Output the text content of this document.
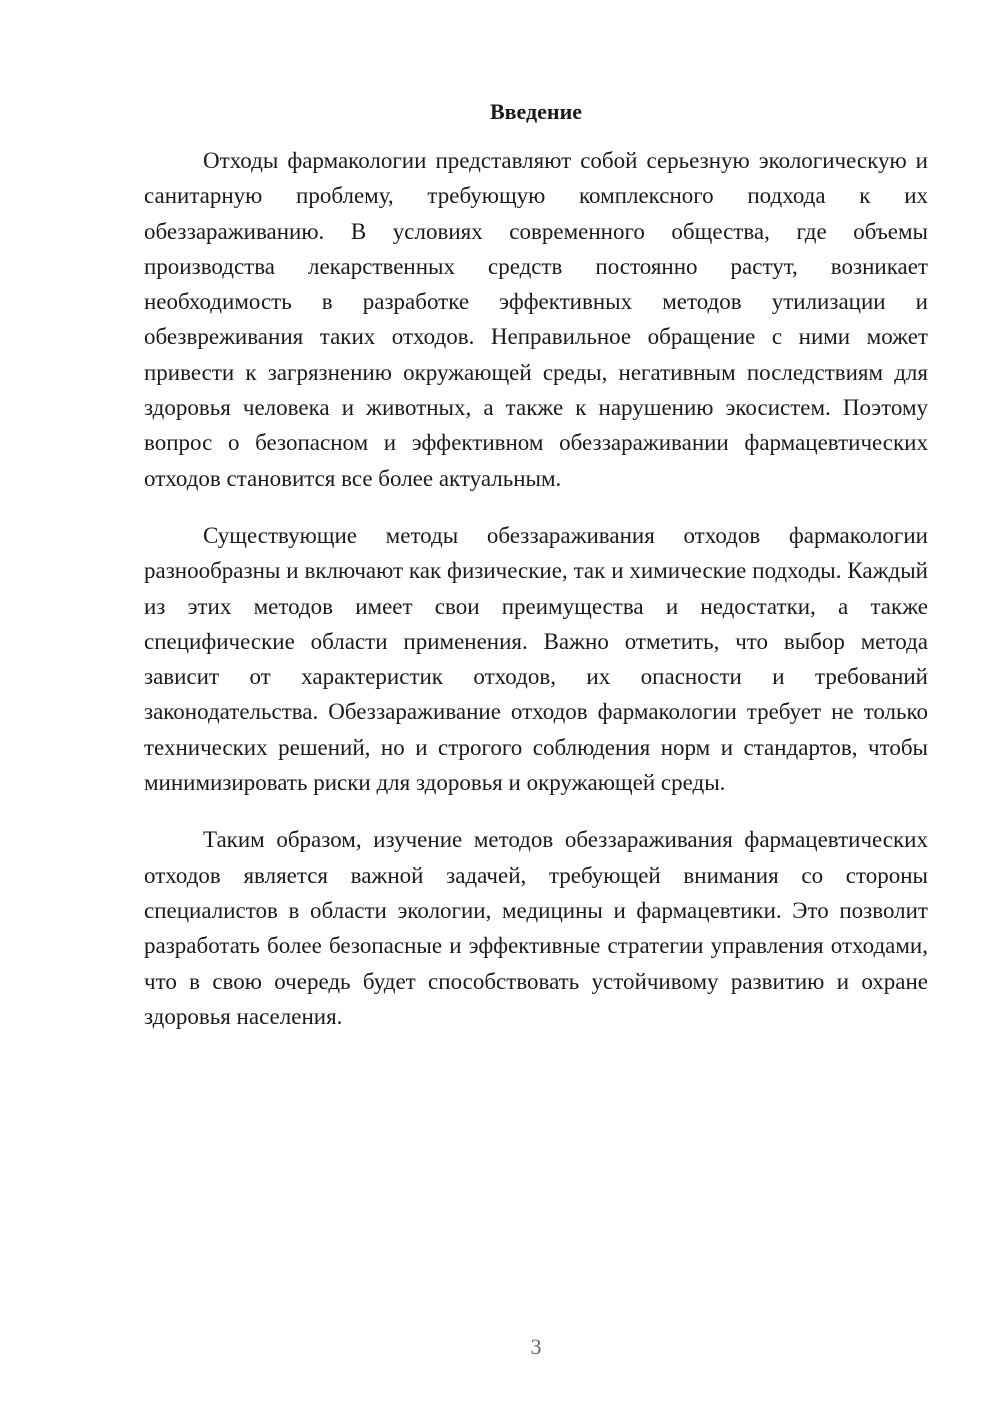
Введение

Отходы фармакологии представляют собой серьезную экологическую и санитарную проблему, требующую комплексного подхода к их обеззараживанию. В условиях современного общества, где объемы производства лекарственных средств постоянно растут, возникает необходимость в разработке эффективных методов утилизации и обезвреживания таких отходов. Неправильное обращение с ними может привести к загрязнению окружающей среды, негативным последствиям для здоровья человека и животных, а также к нарушению экосистем. Поэтому вопрос о безопасном и эффективном обеззараживании фармацевтических отходов становится все более актуальным.

Существующие методы обеззараживания отходов фармакологии разнообразны и включают как физические, так и химические подходы. Каждый из этих методов имеет свои преимущества и недостатки, а также специфические области применения. Важно отметить, что выбор метода зависит от характеристик отходов, их опасности и требований законодательства. Обеззараживание отходов фармакологии требует не только технических решений, но и строгого соблюдения норм и стандартов, чтобы минимизировать риски для здоровья и окружающей среды.

Таким образом, изучение методов обеззараживания фармацевтических отходов является важной задачей, требующей внимания со стороны специалистов в области экологии, медицины и фармацевтики. Это позволит разработать более безопасные и эффективные стратегии управления отходами, что в свою очередь будет способствовать устойчивому развитию и охране здоровья населения.

3
